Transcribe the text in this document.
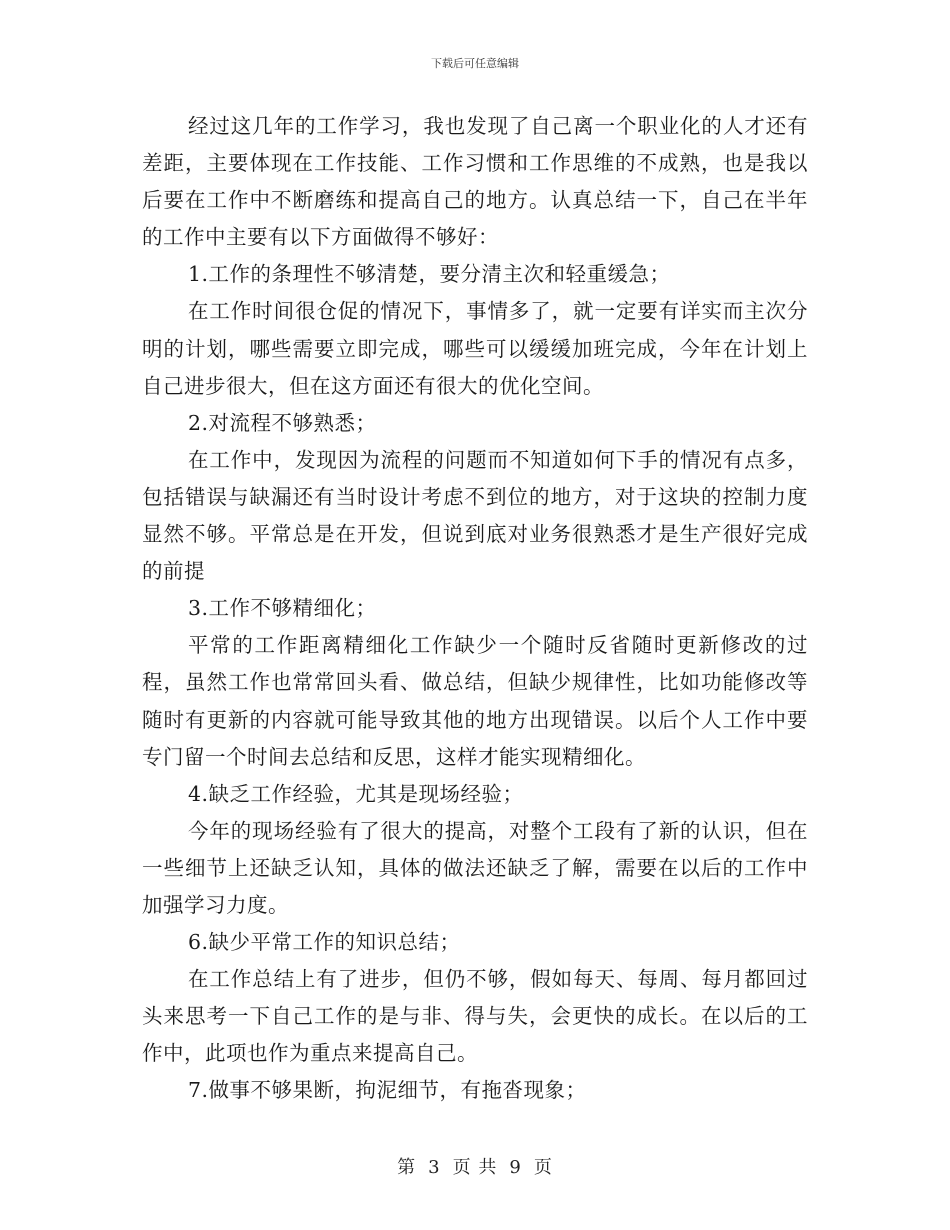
下载后可任意编辑

经过这几年的工作学习，我也发现了自己离一个职业化的人才还有差距，主要体现在工作技能、工作习惯和工作思维的不成熟，也是我以后要在工作中不断磨练和提高自己的地方。认真总结一下，自己在半年的工作中主要有以下方面做得不够好：

1.工作的条理性不够清楚，要分清主次和轻重缓急；

在工作时间很仓促的情况下，事情多了，就一定要有详实而主次分明的计划，哪些需要立即完成，哪些可以缓缓加班完成，今年在计划上自己进步很大，但在这方面还有很大的优化空间。

2.对流程不够熟悉；

在工作中，发现因为流程的问题而不知道如何下手的情况有点多，包括错误与缺漏还有当时设计考虑不到位的地方，对于这块的控制力度显然不够。平常总是在开发，但说到底对业务很熟悉才是生产很好完成的前提

3.工作不够精细化；

平常的工作距离精细化工作缺少一个随时反省随时更新修改的过程，虽然工作也常常回头看、做总结，但缺少规律性，比如功能修改等随时有更新的内容就可能导致其他的地方出现错误。以后个人工作中要专门留一个时间去总结和反思，这样才能实现精细化。

4.缺乏工作经验，尤其是现场经验；

今年的现场经验有了很大的提高，对整个工段有了新的认识，但在一些细节上还缺乏认知，具体的做法还缺乏了解，需要在以后的工作中加强学习力度。

6.缺少平常工作的知识总结；

在工作总结上有了进步，但仍不够，假如每天、每周、每月都回过头来思考一下自己工作的是与非、得与失，会更快的成长。在以后的工作中，此项也作为重点来提高自己。

7.做事不够果断，拘泥细节，有拖沓现象；

第 3 页 共 9 页
